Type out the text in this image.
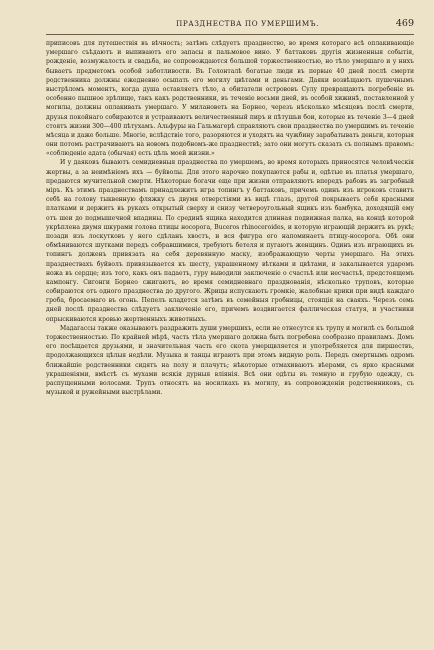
ПРАЗДНЕСТВА ПО УМЕРШИМЪ.	469

приписовъ для путешествія въ вѣчность; затѣмъ слѣдуетъ празднество, во время котораго всѣ оплакивающіе умершаго съѣдаютъ и выпиваютъ его запасы и пальмовое вино. У баттаковъ другія жизненныя событія, рожденіе, возмужалость и свадьба, не сопровождаются большой торжественностью, но тѣло умершаго и у нихъ бываетъ предметомъ особой заботливости. Въ Голонталѣ богатые люди въ первые 40 дней послѣ смерти родственника должны ежедневно осыпать его могилу цвѣтами и деньгами. Даяки возвѣщаютъ пушечнымъ выстрѣломъ моментъ, когда душа оставляетъ тѣло, а обитатели острововъ Сулу превращаютъ погребеніе въ особенно пышное зрѣлище, такъ какъ родственники, въ теченіе восьми дней, въ особой хижинѣ, поставленной у могилы, должны оплакивать умершаго. У милановеть на Борнео, черезъ нѣсколько мѣсяцевъ послѣ смерти, друзья покойнаго собираются и устраиваютъ величественный пиръ и пѣтушьи бои, которые въ теченіе 3—4 дней стоятъ жизни 300—400 пѣтухамъ. Альфуры на Гальмагерѣ справляютъ свои празднества по умершимъ въ теченіе мѣсяца и даже больше. Многіе, вслѣдствіе того, разоряются и уходятъ на чужбину зарабатывать деньги, которыя они потомъ растрачиваютъ на новомъ подобномъ-же празднествѣ; зато они могутъ сказать съ полнымъ правомъ: «соблюденіе адата (обычая) есть цѣль моей жизни.»

И у даяковъ бываютъ семидневныя празднества по умершемъ, во время которыхъ приносятся человѣческія жертвы, а за неимѣніемъ ихъ — буйволы. Для этого нарочно покупаются рабы и, одѣтые въ платья умершаго, предаются мучительной смерти. Нѣкоторые богачи еще при жизни отправляютъ впередъ рабовъ въ загробный міръ. Къ этимъ празднествамъ принадлежитъ игра топингъ у баттаковъ, причемъ одинъ изъ игроковъ ставитъ себѣ на голову тыквенную фляжку съ двумя отверстіями въ видѣ глазъ, другой покрываетъ себя красными платками и держитъ въ рукахъ открытый сверху и снизу четвероугольный ящикъ изъ бамбука, доходящій ему отъ шеи до подмышечной впадины. По срединѣ ящика находится длинная подвижная палка, на концѣ которой укрѣплена двумя шкурами голова птицы носорога, Buceros rhinoceroides, и которую играющій держитъ въ рукѣ; позади изъ лоскутковъ у него сдѣланъ хвостъ, и вся фигура его напоминаетъ птицу-носорога. Обѣ они обмѣниваются шутками передъ собравшимися, требуютъ бетеля и пугаютъ женщинъ. Одинъ изъ играющихъ въ топингъ долженъ привязать на себя деревянную маску, изображающую черты умершаго. На этихъ празднествахъ буйволъ привязывается къ шесту, украшенному вѣтками и цвѣтами, и закалывается ударомъ ножа въ сердце; изъ того, какъ онъ падаетъ, гуру выводили заключеніе о счастьѣ или несчастьѣ, предстоящемъ кампонгу. Сигонги Борнео сжигаютъ, во время семидневнаго празднованія, нѣсколько труповъ, которые собираются отъ одного празднества до другого. Жрицы испускаютъ громкіе, жалобные крики при видѣ каждаго гроба, бросаемаго въ огонь. Пепелъ кладется затѣмъ въ семейныя гробницы, стоящія на сваяхъ. Черезъ семь дней послѣ празднества слѣдуетъ заключеніе его, причемъ воздвигается фаллическая статуя, и участники опрыскиваются кровью жертвенныхъ животныхъ.

Мадагассы также оказываютъ раздражить души умершихъ, если не отнесутся къ трупу и могилѣ съ большой торжественностью. По крайней мѣрѣ, часть тѣла умершаго должна быть погребена сообразно правиламъ. Домъ его посѣщается друзьями, и значительная часть его скота умерщвляется и употребляется для пиршествъ, продолжающихся цѣлыя недѣли. Музыка и танцы играютъ при этомъ видную роль. Передъ смертнымъ одромъ ближайшіе родственники сидятъ на полу и плачутъ; нѣкоторые отмахиваютъ вѣерами, съ ярко красными украшеніями, вмѣстѣ съ мухами всякія дурныя вліянія. Всѣ они одѣты въ темную и грубую одежду, съ распущенными волосами. Трупъ относятъ на носилкахъ въ могилу, въ сопровожденіи родственниковъ, съ музыкой и ружейными выстрѣлами.
